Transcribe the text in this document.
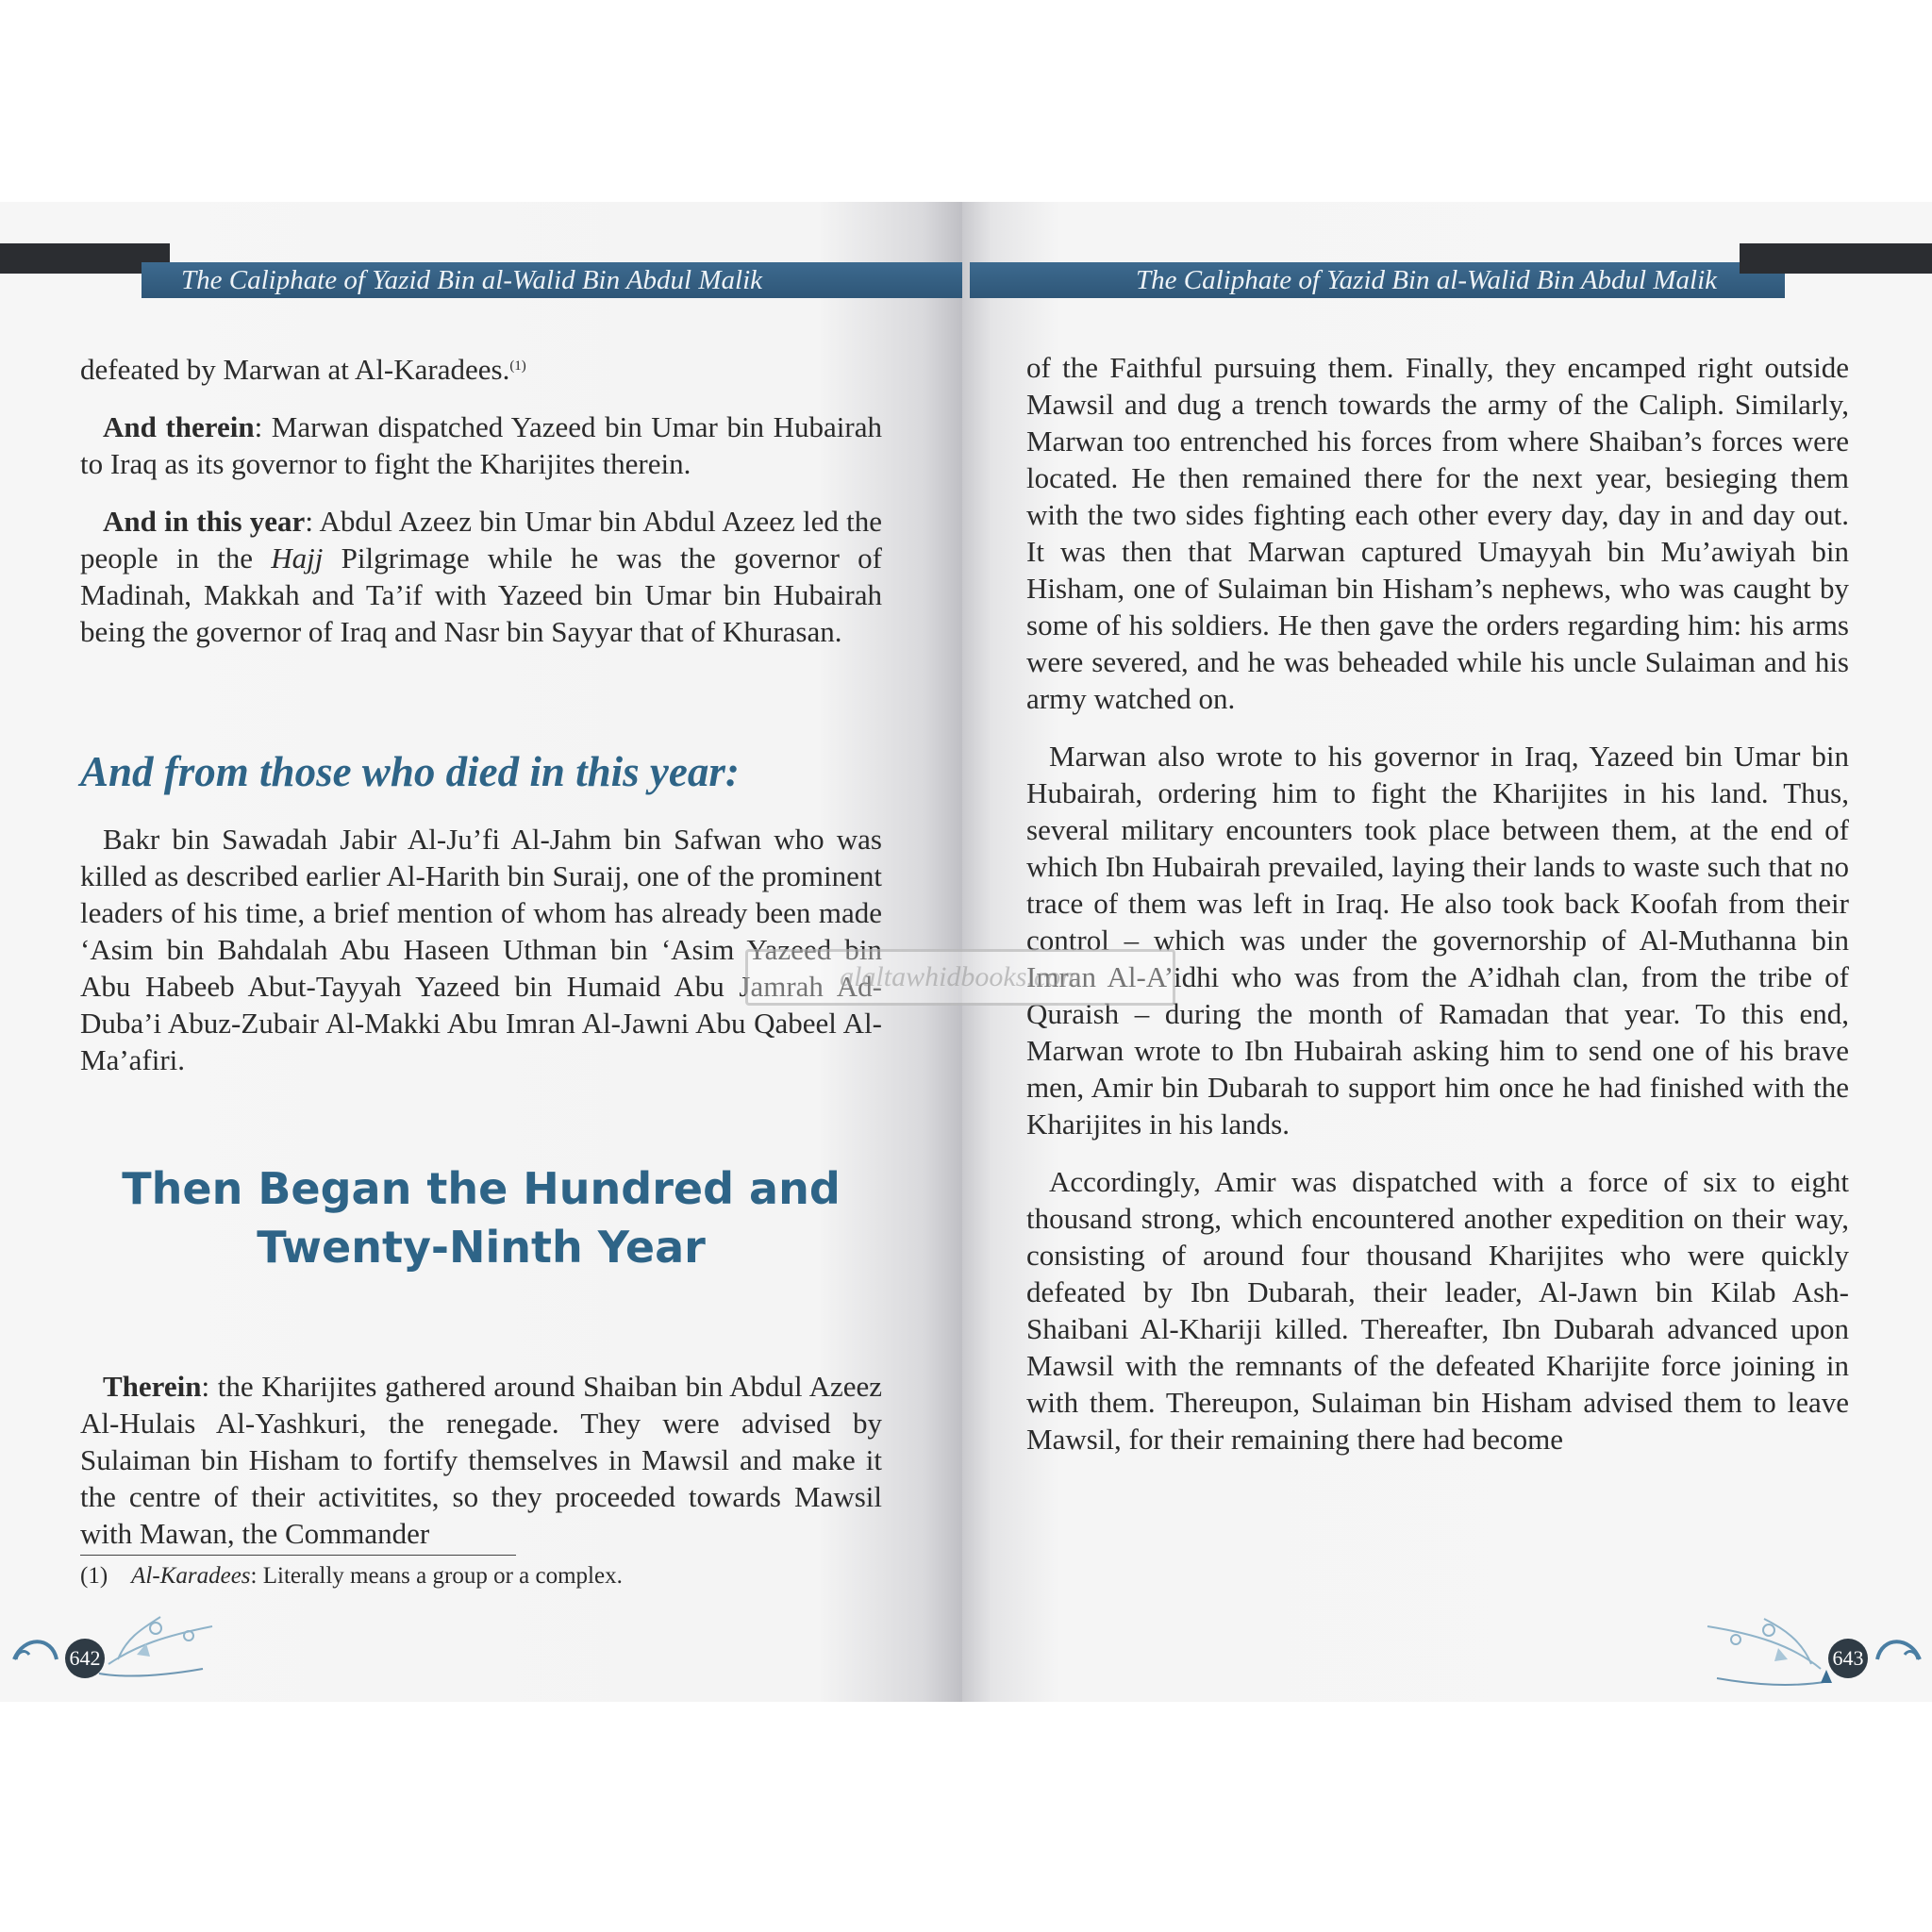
The Caliphate of Yazid Bin al-Walid Bin Abdul Malik

defeated by Marwan at Al-Karadees.$^{(1)}$

And therein: Marwan dispatched Yazeed bin Umar bin Hubairah to Iraq as its governor to fight the Kharijites therein.

And in this year: Abdul Azeez bin Umar bin Abdul Azeez led the people in the Hajj Pilgrimage while he was the governor of Madinah, Makkah and Ta’if with Yazeed bin Umar bin Hubairah being the governor of Iraq and Nasr bin Sayyar that of Khurasan.

And from those who died in this year:

Bakr bin Sawadah Jabir Al-Ju’fi Al-Jahm bin Safwan who was killed as described earlier Al-Harith bin Suraij, one of the prominent leaders of his time, a brief mention of whom has already been made ‘Asim bin Bahdalah Abu Haseen Uthman bin ‘Asim Yazeed bin Abu Habeeb Abut-Tayyah Yazeed bin Humaid Abu Jamrah Ad-Duba’i Abuz-Zubair Al-Makki Abu Imran Al-Jawni Abu Qabeel Al-Ma’afiri.

Then Began the Hundred and
Twenty-Ninth Year

Therein: the Kharijites gathered around Shaiban bin Abdul Azeez Al-Hulais Al-Yashkuri, the renegade. They were advised by Sulaiman bin Hisham to fortify themselves in Mawsil and make it the centre of their activitites, so they proceeded towards Mawsil with Mawan, the Commander

(1) Al-Karadees: Literally means a group or a complex.
642
The Caliphate of Yazid Bin al-Walid Bin Abdul Malik

of the Faithful pursuing them. Finally, they encamped right outside Mawsil and dug a trench towards the army of the Caliph. Similarly, Marwan too entrenched his forces from where Shaiban’s forces were located. He then remained there for the next year, besieging them with the two sides fighting each other every day, day in and day out. It was then that Marwan captured Umayyah bin Mu’awiyah bin Hisham, one of Sulaiman bin Hisham’s nephews, who was caught by some of his soldiers. He then gave the orders regarding him: his arms were severed, and he was beheaded while his uncle Sulaiman and his army watched on.

Marwan also wrote to his governor in Iraq, Yazeed bin Umar bin Hubairah, ordering him to fight the Kharijites in his land. Thus, several military encounters took place between them, at the end of which Ibn Hubairah prevailed, laying their lands to waste such that no trace of them was left in Iraq. He also took back Koofah from their control – which was under the governorship of Al-Muthanna bin Imran Al-A’idhi who was from the A’idhah clan, from the tribe of Quraish – during the month of Ramadan that year. To this end, Marwan wrote to Ibn Hubairah asking him to send one of his brave men, Amir bin Dubarah to support him once he had finished with the Kharijites in his lands.

Accordingly, Amir was dispatched with a force of six to eight thousand strong, which encountered another expedition on their way, consisting of around four thousand Kharijites who were quickly defeated by Ibn Dubarah, their leader, Al-Jawn bin Kilab Ash-Shaibani Al-Khariji killed. Thereafter, Ibn Dubarah advanced upon Mawsil with the remnants of the defeated Kharijite force joining in with them. Thereupon, Sulaiman bin Hisham advised them to leave Mawsil, for their remaining there had become

643
alaltawhidbooks.com
